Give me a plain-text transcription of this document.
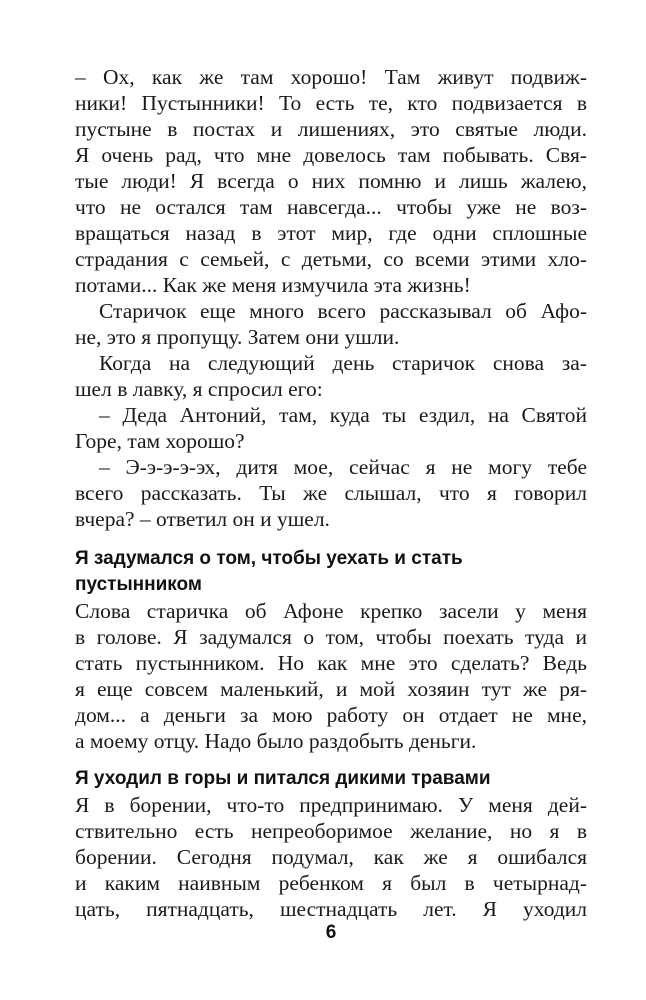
– Ох, как же там хорошо! Там живут подвиж-
ники! Пустынники! То есть те, кто подвизается в
пустыне в постах и лишениях, это святые люди.
Я очень рад, что мне довелось там побывать. Свя-
тые люди! Я всегда о них помню и лишь жалею,
что не остался там навсегда... чтобы уже не воз-
вращаться назад в этот мир, где одни сплошные
страдания с семьей, с детьми, со всеми этими хло-
потами... Как же меня измучила эта жизнь!
Старичок еще много всего рассказывал об Афо-
не, это я пропущу. Затем они ушли.
Когда на следующий день старичок снова за-
шел в лавку, я спросил его:
– Деда Антоний, там, куда ты ездил, на Святой
Горе, там хорошо?
– Э-э-э-э-эх, дитя мое, сейчас я не могу тебе
всего рассказать. Ты же слышал, что я говорил
вчера? – ответил он и ушел.
Я задумался о том, чтобы уехать и стать
пустынником
Слова старичка об Афоне крепко засели у меня
в голове. Я задумался о том, чтобы поехать туда и
стать пустынником. Но как мне это сделать? Ведь
я еще совсем маленький, и мой хозяин тут же ря-
дом... а деньги за мою работу он отдает не мне,
а моему отцу. Надо было раздобыть деньги.
Я уходил в горы и питался дикими травами
Я в борении, что-то предпринимаю. У меня дей-
ствительно есть непреоборимое желание, но я в
борении. Сегодня подумал, как же я ошибался
и каким наивным ребенком я был в четырнад-
цать, пятнадцать, шестнадцать лет. Я уходил
6
